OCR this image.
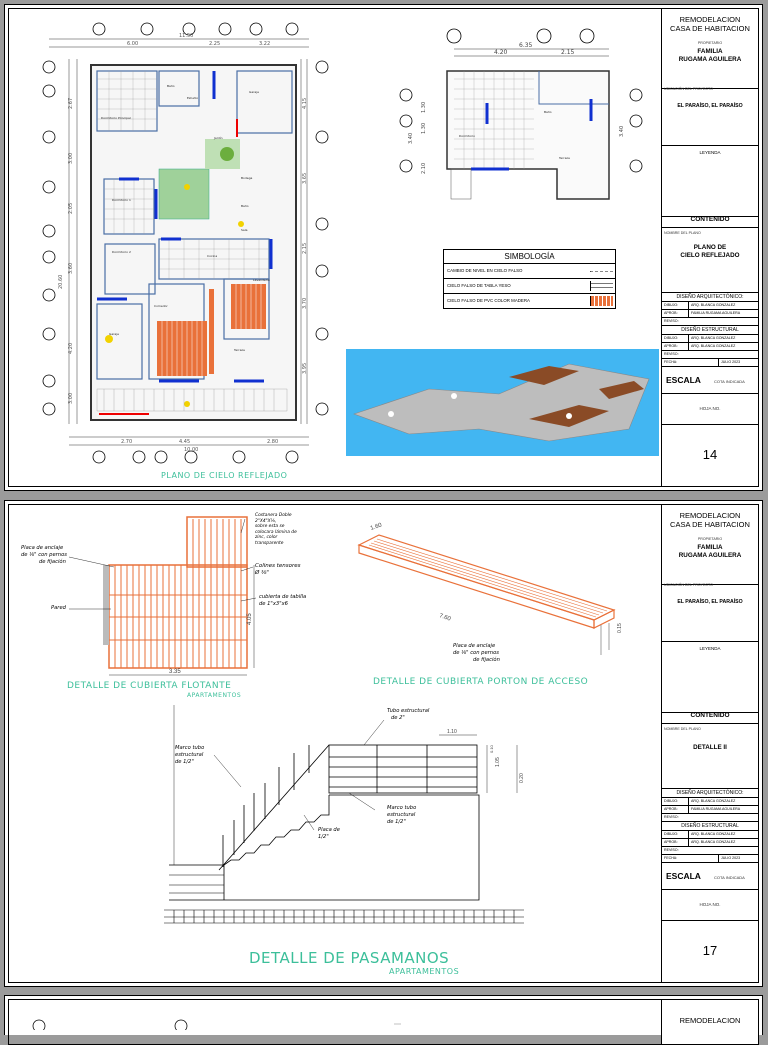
11.50
6.00	2.25	3.22
2.70	4.45	2.80
10.00
2.67
3.00
2.05
3.60
4.20
3.00
20.60
4.15
3.65
2.15
3.70
3.95
Dormitorio Principal
Baño
Estudio
Garaje
Jardín
Dormitorio 1
Baño
Dormitorio 2
Sala
Cocina
Comedor
Garaje
Lavandería
Terraza
Bodega
6.35
4.20	2.15
1.30
1.30
2.10
3.40
3.40
Dormitorio
Terraza
Baño
SIMBOLOGÍA
CAMBIO DE NIVEL EN CIELO FALSO
CIELO FALSO DE TABLA YESO
CIELO FALSO DE PVC COLOR MADERA
PLANO DE CIELO REFLEJADO
REMODELACION
CASA DE HABITACION
PROPIETARIO
FAMILIA
RUGAMA AGUILERA
UBICACIÓN DEL PROYECTO
EL PARAÍSO, EL PARAÍSO
LEYENDA
CONTENIDO
NOMBRE DEL PLANO
PLANO DE
CIELO REFLEJADO
DISEÑO ARQUITECTÓNICO:
DIBUJO:	ARQ. BLANCA GONZALEZ
APROB:	FAMILIA RUGAMA AGUILERA
REVISO:
DISEÑO ESTRUCTURAL
DIBUJO:	ARQ. BLANCA GONZALEZ
APROB:	ARQ. BLANCA GONZALEZ
REVISO:
FECHA:	JULIO 2023
ESCALA	COTA INDICADA
HOJA NO.
14
3.35
4.05
1.60
7.60
0.15
1.10
1.05
0.10
0.20
Placa de anclaje
de ⅛" con pernos
de fijación
Pared
Costanera Doble
2"X4"X⅛,
sobre esta se
colocara lámina de
zinc, color
transparente
Colines tensores
Ø ⅜"
cubierta de tabilla
de 1"x3"x6
Placa de anclaje
de ⅛" con pernos
de fijación
Tubo estructural
de 2"
Marco tubo
estructural
de 1/2"
Placa de
1/2"
Marco tubo
estructural
de 1/2"
DETALLE DE CUBIERTA FLOTANTE
APARTAMENTOS
DETALLE DE CUBIERTA PORTON DE ACCESO
DETALLE DE PASAMANOS
APARTAMENTOS
REMODELACION
CASA DE HABITACION
PROPIETARIO
FAMILIA
RUGAMA AGUILERA
UBICACIÓN DEL PROYECTO
EL PARAÍSO, EL PARAÍSO
LEYENDA
CONTENIDO
NOMBRE DEL PLANO
DETALLE II
DISEÑO ARQUITECTÓNICO:
DIBUJO:	ARQ. BLANCA GONZALEZ
APROB:	FAMILIA RUGAMA AGUILERA
REVISO:
DISEÑO ESTRUCTURAL
DIBUJO:	ARQ. BLANCA GONZALEZ
APROB:	ARQ. BLANCA GONZALEZ
REVISO:
FECHA:	JULIO 2023
ESCALA	COTA INDICADA
HOJA NO.
17
REMODELACION
